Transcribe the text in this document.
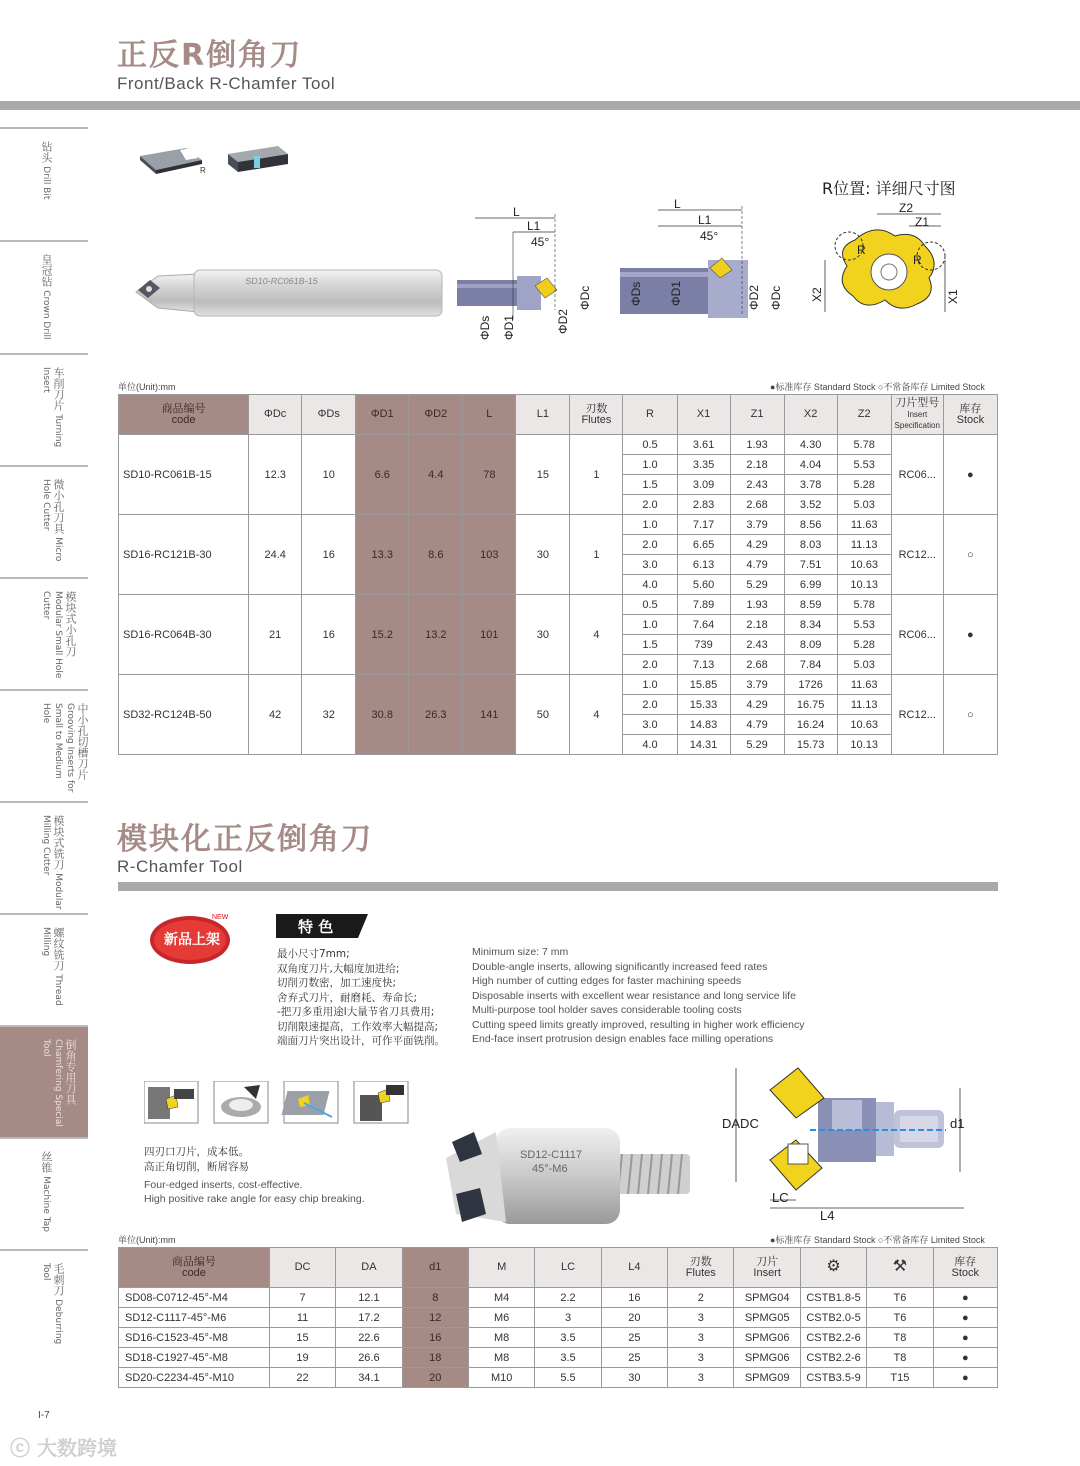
正反R倒角刀
Front/Back R-Chamfer Tool
钻头 Drill Bit
皇冠钻 Crown Drill
车削刀片 Turning Insert
微小孔刀具 Micro Hole Cutter
模块式小孔刀 Modular Small Hole Cutter
中小孔切槽刀片 Grooving Inserts for Small to Medium Hole
模块式铣刀 Modular Milling Cutter
螺纹铣刀 Thread Milling
倒角专用刀具 Chamfering Special Tool
丝锥 Machine Tap
毛刺刀 Deburring Tool
R
SD10-RC061B-15
L
L1
45°
ΦDs ΦD1	ΦD2
ΦDc
L
L1
45°
ΦDs ΦD1	ΦD2 ΦDc
R位置: 详细尺寸图
Z2
Z1
R
R
X2	X1
单位(Unit):mm	●标准库存 Standard Stock ○不常备库存 Limited Stock
商品编号
code	ΦDc	ΦDs	ΦD1	ΦD2	L	L1	刃数
Flutes	R	X1	Z1	X2	Z2	刀片型号
Insert Specification	库存
Stock
SD10-RC061B-15	12.3	10	6.6	4.4	78	15	1	0.5	3.61	1.93	4.30	5.78	RC06...	●
								1.0	3.35	2.18	4.04	5.53		
								1.5	3.09	2.43	3.78	5.28		
								2.0	2.83	2.68	3.52	5.03		
SD16-RC121B-30	24.4	16	13.3	8.6	103	30	1	1.0	7.17	3.79	8.56	11.63	RC12...	○
								2.0	6.65	4.29	8.03	11.13		
								3.0	6.13	4.79	7.51	10.63		
								4.0	5.60	5.29	6.99	10.13		
SD16-RC064B-30	21	16	15.2	13.2	101	30	4	0.5	7.89	1.93	8.59	5.78	RC06...	●
								1.0	7.64	2.18	8.34	5.53		
								1.5	739	2.43	8.09	5.28		
								2.0	7.13	2.68	7.84	5.03		
SD32-RC124B-50	42	32	30.8	26.3	141	50	4	1.0	15.85	3.79	1726	11.63	RC12...	○
								2.0	15.33	4.29	16.75	11.13		
								3.0	14.83	4.79	16.24	10.63		
								4.0	14.31	5.29	15.73	10.13		
模块化正反倒角刀
R-Chamfer Tool
新品上架
NEW
特 色
最小尺寸7mm;
双角度刀片,大幅度加进给;
切削刃数密，加工速度快;
舍弃式刀片，耐磨耗、寿命长;
-把刀多重用途l大量节省刀具费用;
切削限速提高，工作效率大幅提高;
端面刀片突出设计，可作平面铣削。
Minimum size: 7 mm
Double-angle inserts, allowing significantly increased feed rates
High number of cutting edges for faster machining speeds
Disposable inserts with excellent wear resistance and long service life
Multi-purpose tool holder saves considerable tooling costs
Cutting speed limits greatly improved, resulting in higher work efficiency
End-face insert protrusion design enables face milling operations
四刃口刀片，成本低。
高正角切削，断屑容易
Four-edged inserts, cost-effective.
High positive rake angle for easy chip breaking.
SD12-C1117
45°-M6
DADC	d1
LC
L4
单位(Unit):mm	●标准库存 Standard Stock ○不常备库存 Limited Stock
商品编号
code	DC	DA	d1	M	LC	L4	刃数
Flutes	刀片
Insert	⚙	⚒	库存
Stock
SD08-C0712-45°-M4	7	12.1	8	M4	2.2	16	2	SPMG04	CSTB1.8-5	T6	●
SD12-C1117-45°-M6	11	17.2	12	M6	3	20	3	SPMG05	CSTB2.0-5	T6	●
SD16-C1523-45°-M8	15	22.6	16	M8	3.5	25	3	SPMG06	CSTB2.2-6	T8	●
SD18-C1927-45°-M8	19	26.6	18	M8	3.5	25	3	SPMG06	CSTB2.2-6	T8	●
SD20-C2234-45°-M10	22	34.1	20	M10	5.5	30	3	SPMG09	CSTB3.5-9	T15	●
I-7
ⓒ 大数跨境
